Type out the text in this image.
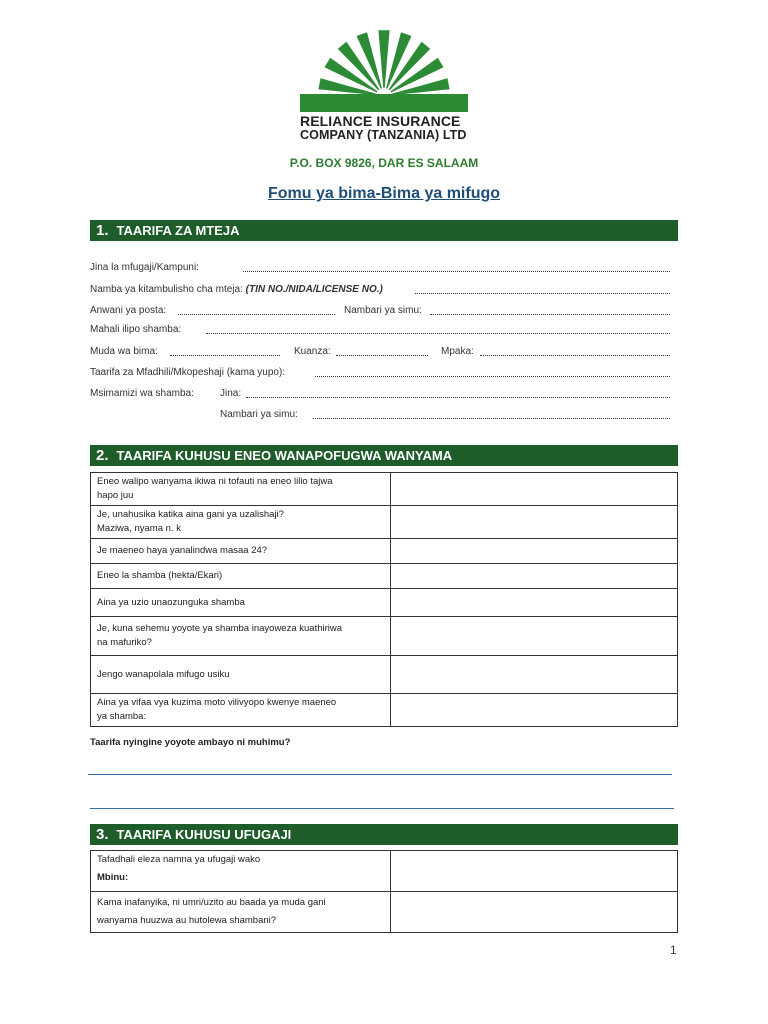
RELIANCE INSURANCE
COMPANY (TANZANIA) LTD
P.O. BOX 9826, DAR ES SALAAM
Fomu ya bima-Bima ya mifugo
1. TAARIFA ZA MTEJA
Jina la mfugaji/Kampuni:
Namba ya kitambulisho cha mteja: (TIN NO./NIDA/LICENSE NO.)
Anwani ya posta:	Nambari ya simu:
Mahali ilipo shamba:
Muda wa bima:	Kuanza:	Mpaka:
Taarifa za Mfadhili/Mkopeshaji (kama yupo):
Msimamizi wa shamba:	Jina:
Nambari ya simu:
2. TAARIFA KUHUSU ENEO WANAPOFUGWA WANYAMA
Eneo walipo wanyama ikiwa ni tofauti na eneo lilio tajwa
hapo juu	
Je, unahusika katika aina gani ya uzalishaji?
Maziwa, nyama n. k	
Je maeneo haya yanalindwa masaa 24?	
Eneo la shamba (hekta/Ekari)	
Aina ya uzio unaozunguka shamba	
Je, kuna sehemu yoyote ya shamba inayoweza kuathiriwa
na mafuriko?	
Jengo wanapolala mifugo usiku	
Aina ya vifaa vya kuzima moto vilivyopo kwenye maeneo
ya shamba:	
Taarifa nyingine yoyote ambayo ni muhimu?
3. TAARIFA KUHUSU UFUGAJI
Tafadhali eleza namna ya ufugaji wako
Mbinu:	
Kama inafanyika, ni umri/uzito au baada ya muda gani
wanyama huuzwa au hutolewa shambani?	
1
